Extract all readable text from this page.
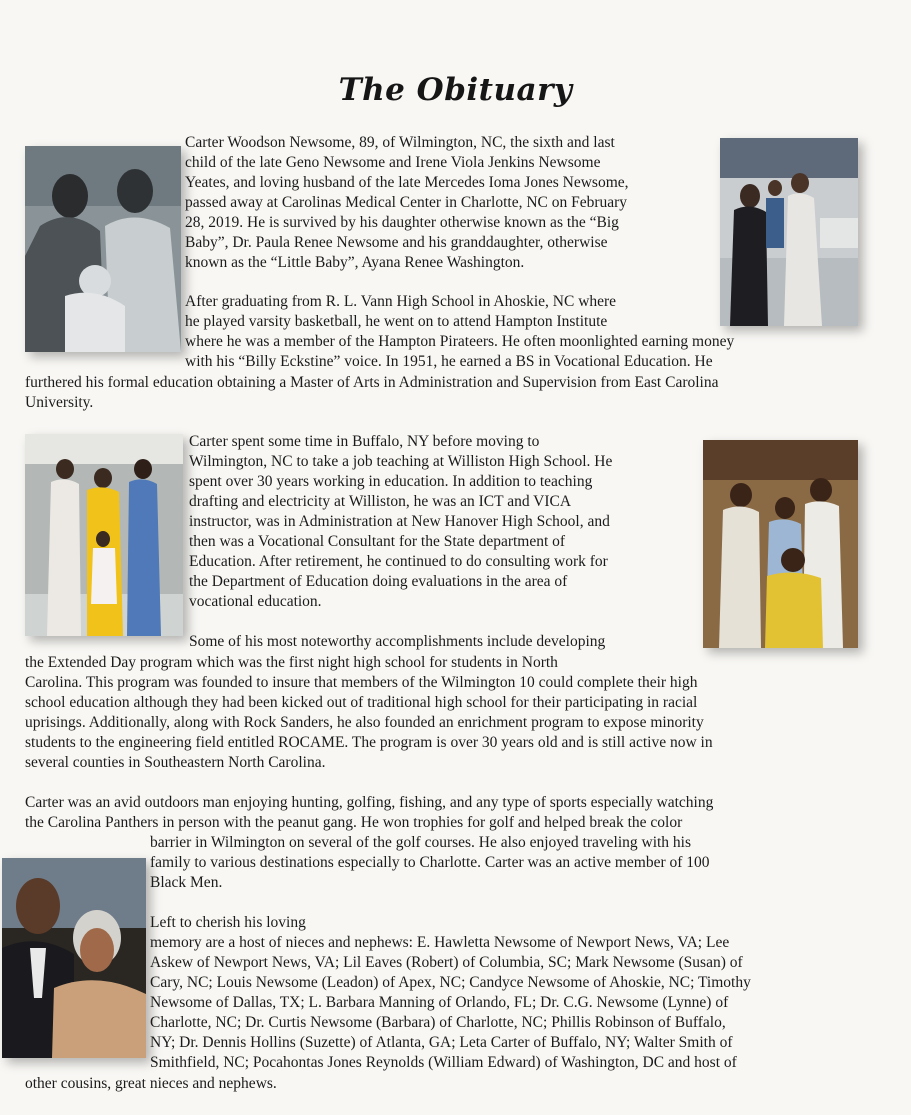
The Obituary
Carter Woodson Newsome, 89, of Wilmington, NC, the sixth and last
child of the late Geno Newsome and Irene Viola Jenkins Newsome
Yeates, and loving husband of the late Mercedes Ioma Jones Newsome,
passed away at Carolinas Medical Center in Charlotte, NC on February
28, 2019. He is survived by his daughter otherwise known as the “Big
Baby”, Dr. Paula Renee Newsome and his granddaughter, otherwise
known as the “Little Baby”, Ayana Renee Washington.
After graduating from R. L. Vann High School in Ahoskie, NC where
he played varsity basketball, he went on to attend Hampton Institute
where he was a member of the Hampton Pirateers. He often moonlighted earning money
with his “Billy Eckstine” voice. In 1951, he earned a BS in Vocational Education. He
furthered his formal education obtaining a Master of Arts in Administration and Supervision from East Carolina
University.
Carter spent some time in Buffalo, NY before moving to
Wilmington, NC to take a job teaching at Williston High School. He
spent over 30 years working in education. In addition to teaching
drafting and electricity at Williston, he was an ICT and VICA
instructor, was in Administration at New Hanover High School, and
then was a Vocational Consultant for the State department of
Education. After retirement, he continued to do consulting work for
the Department of Education doing evaluations in the area of
vocational education.
Some of his most noteworthy accomplishments include developing
the Extended Day program which was the first night high school for students in North
Carolina. This program was founded to insure that members of the Wilmington 10 could complete their high
school education although they had been kicked out of traditional high school for their participating in racial
uprisings. Additionally, along with Rock Sanders, he also founded an enrichment program to expose minority
students to the engineering field entitled ROCAME. The program is over 30 years old and is still active now in
several counties in Southeastern North Carolina.
Carter was an avid outdoors man enjoying hunting, golfing, fishing, and any type of sports especially watching
the Carolina Panthers in person with the peanut gang. He won trophies for golf and helped break the color
barrier in Wilmington on several of the golf courses. He also enjoyed traveling with his
family to various destinations especially to Charlotte. Carter was an active member of 100
Black Men.
Left to cherish his loving
memory are a host of nieces and nephews: E. Hawletta Newsome of Newport News, VA; Lee
Askew of Newport News, VA; Lil Eaves (Robert) of Columbia, SC; Mark Newsome (Susan) of
Cary, NC; Louis Newsome (Leadon) of Apex, NC; Candyce Newsome of Ahoskie, NC; Timothy
Newsome of Dallas, TX; L. Barbara Manning of Orlando, FL; Dr. C.G. Newsome (Lynne) of
Charlotte, NC; Dr. Curtis Newsome (Barbara) of Charlotte, NC; Phillis Robinson of Buffalo,
NY; Dr. Dennis Hollins (Suzette) of Atlanta, GA; Leta Carter of Buffalo, NY; Walter Smith of
Smithfield, NC; Pocahontas Jones Reynolds (William Edward) of Washington, DC and host of
other cousins, great nieces and nephews.
